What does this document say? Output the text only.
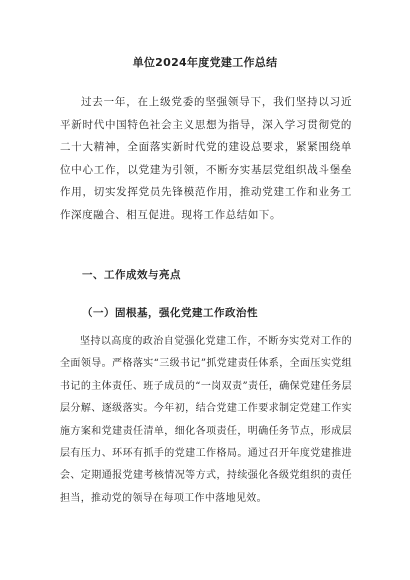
单位2024年度党建工作总结
过去一年，在上级党委的坚强领导下，我们坚持以习近平新时代中国特色社会主义思想为指导，深入学习贯彻党的二十大精神，全面落实新时代党的建设总要求，紧紧围绕单位中心工作，以党建为引领，不断夯实基层党组织战斗堡垒作用，切实发挥党员先锋模范作用，推动党建工作和业务工作深度融合、相互促进。现将工作总结如下。
一、工作成效与亮点
（一）固根基，强化党建工作政治性
坚持以高度的政治自觉强化党建工作，不断夯实党对工作的全面领导。严格落实“三级书记”抓党建责任体系，全面压实党组书记的主体责任、班子成员的“一岗双责”责任，确保党建任务层层分解、逐级落实。今年初，结合党建工作要求制定党建工作实施方案和党建责任清单，细化各项责任，明确任务节点，形成层层有压力、环环有抓手的党建工作格局。通过召开年度党建推进会、定期通报党建考核情况等方式，持续强化各级党组织的责任担当，推动党的领导在每项工作中落地见效。
